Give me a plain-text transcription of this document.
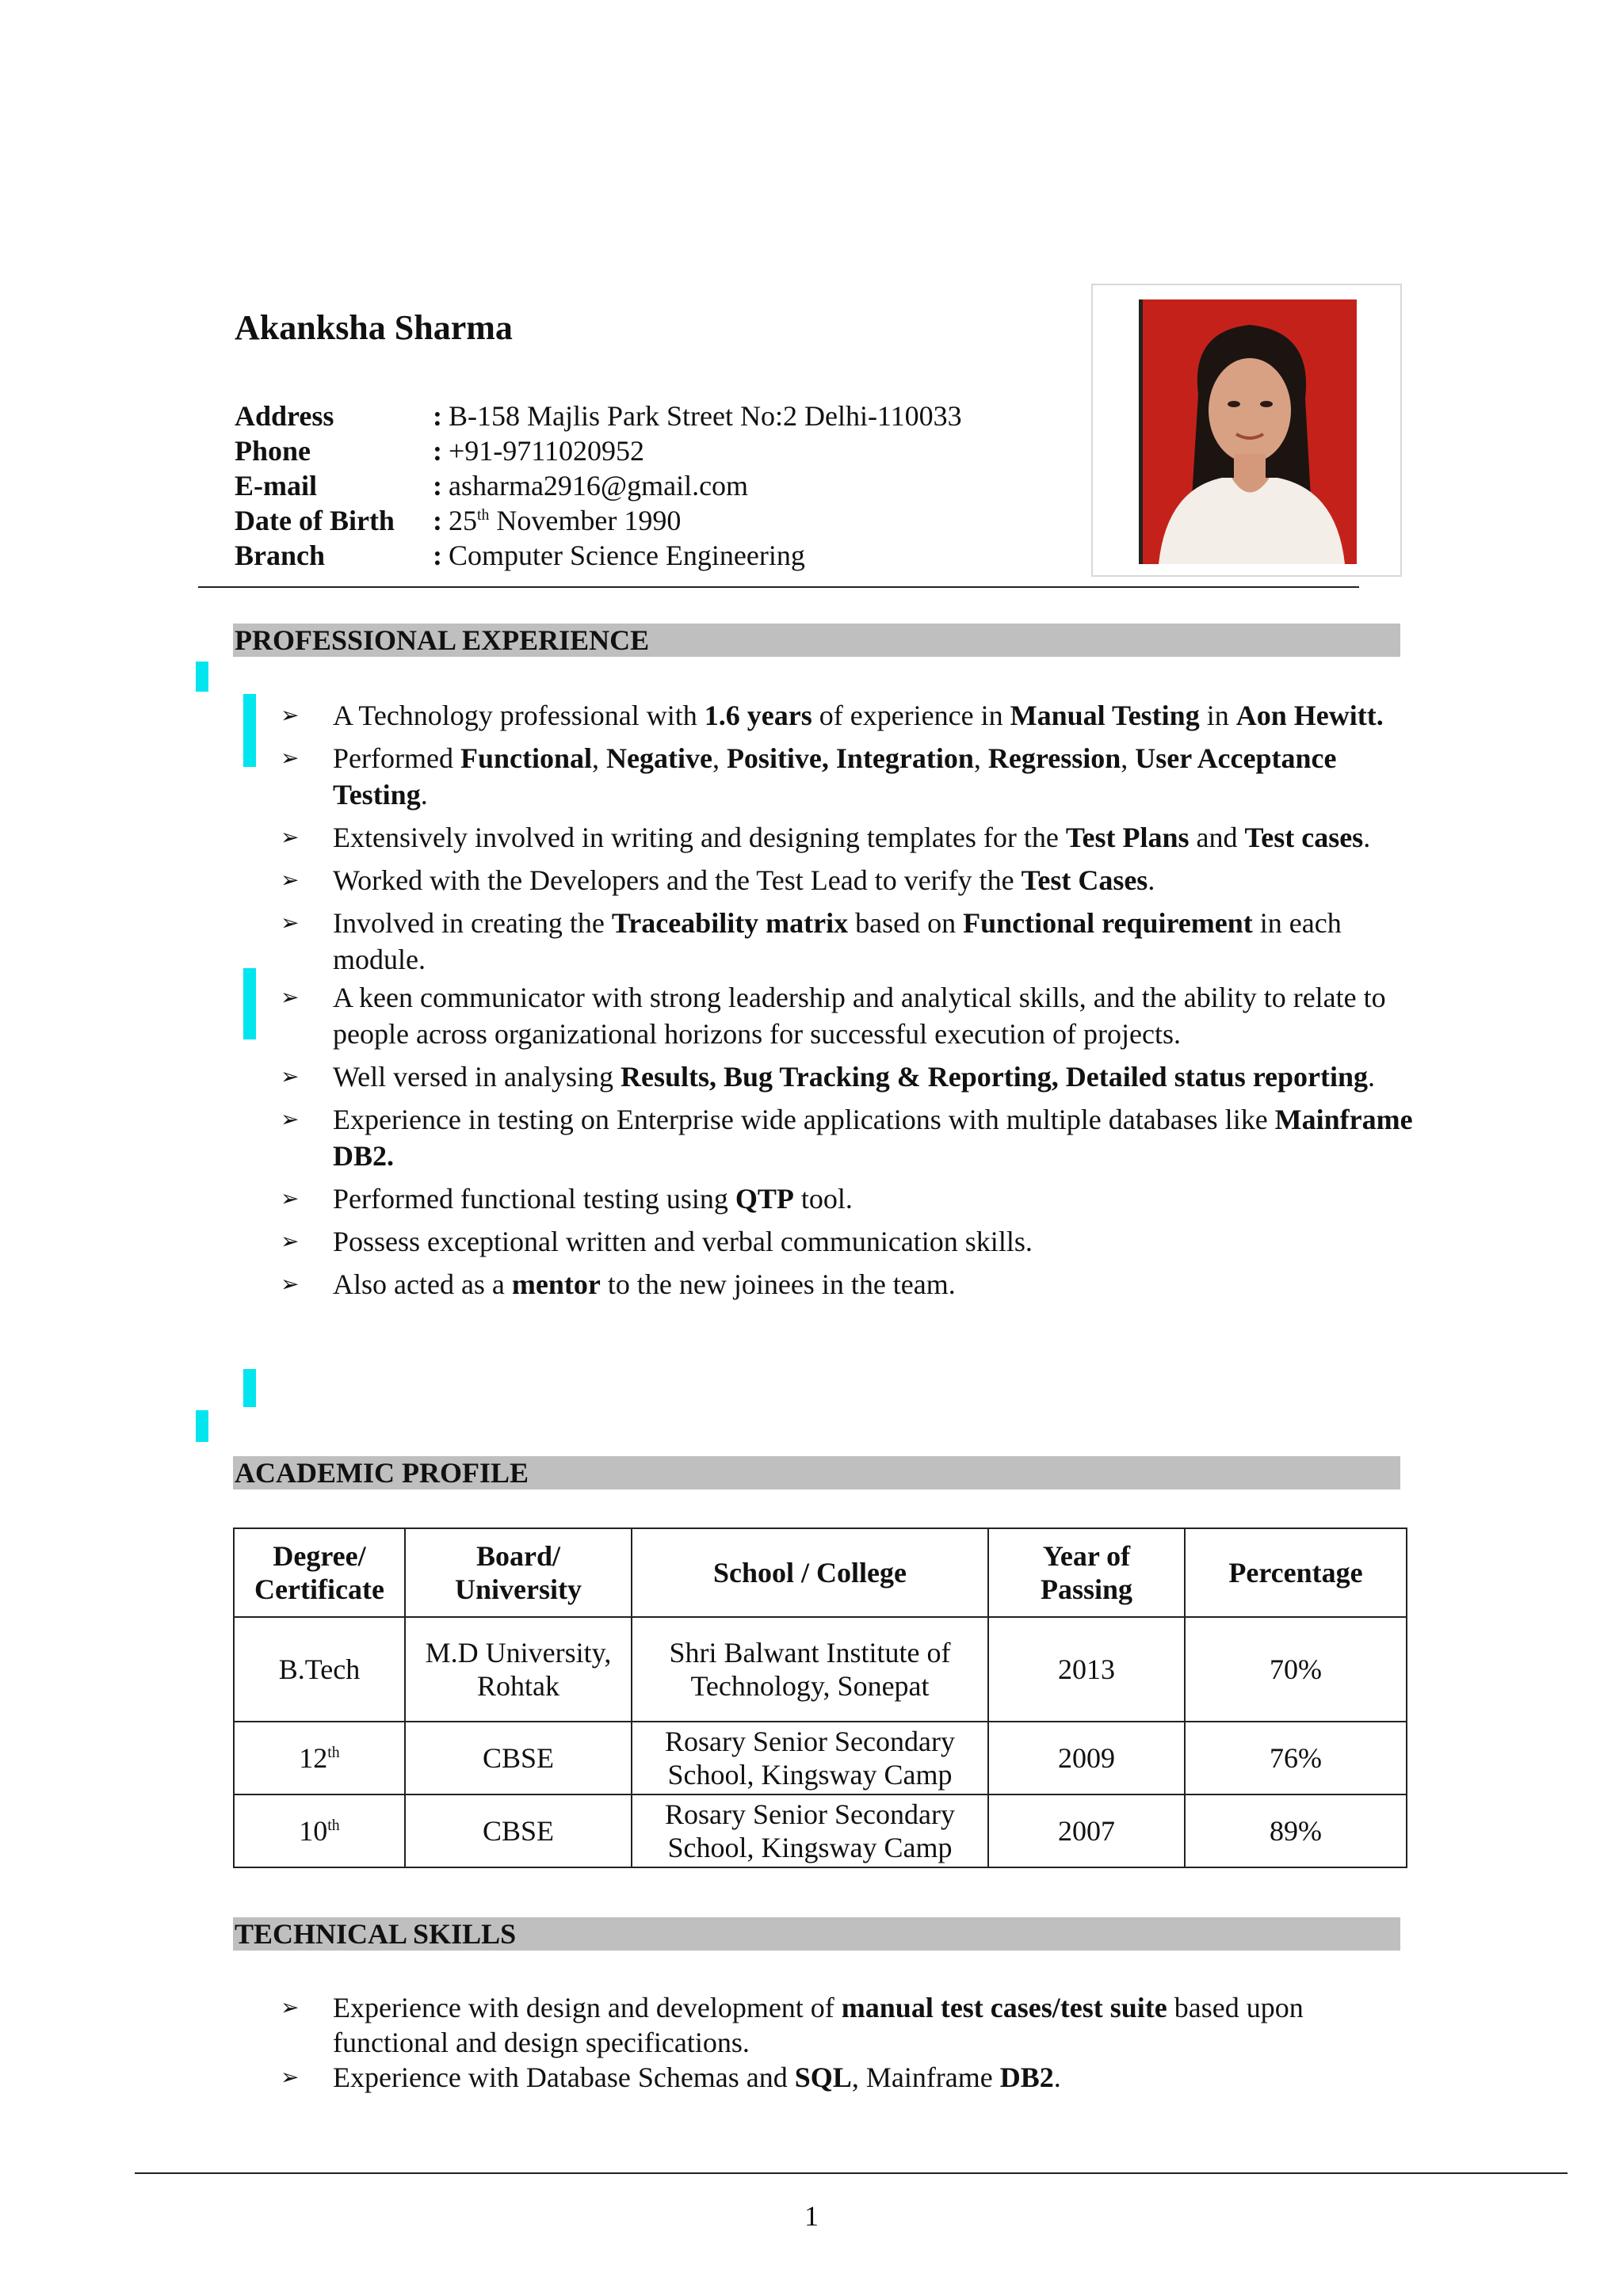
Akanksha Sharma
Address	: B-158 Majlis Park Street No:2 Delhi-110033
Phone	: +91-9711020952
E-mail	: asharma2916@gmail.com
Date of Birth : 25th November 1990
Branch	: Computer Science Engineering
PROFESSIONAL EXPERIENCE
➢ A Technology professional with 1.6 years of experience in Manual Testing in Aon Hewitt.
➢ Performed Functional, Negative, Positive, Integration, Regression, User Acceptance Testing.
➢ Extensively involved in writing and designing templates for the Test Plans and Test cases.
➢ Worked with the Developers and the Test Lead to verify the Test Cases.
➢ Involved in creating the Traceability matrix based on Functional requirement in each module.
➢ A keen communicator with strong leadership and analytical skills, and the ability to relate to people across organizational horizons for successful execution of projects.
➢ Well versed in analysing Results, Bug Tracking & Reporting, Detailed status reporting.
➢ Experience in testing on Enterprise wide applications with multiple databases like Mainframe DB2.
➢ Performed functional testing using QTP tool.
➢ Possess exceptional written and verbal communication skills.
➢ Also acted as a mentor to the new joinees in the team.
ACADEMIC PROFILE
Degree/ Certificate	Board/ University	School / College	Year of Passing	Percentage
B.Tech	M.D University, Rohtak	Shri Balwant Institute of Technology, Sonepat	2013	70%
12th	CBSE	Rosary Senior Secondary School, Kingsway Camp	2009	76%
10th	CBSE	Rosary Senior Secondary School, Kingsway Camp	2007	89%
TECHNICAL SKILLS
➢ Experience with design and development of manual test cases/test suite based upon functional and design specifications.
➢ Experience with Database Schemas and SQL, Mainframe DB2.
1
